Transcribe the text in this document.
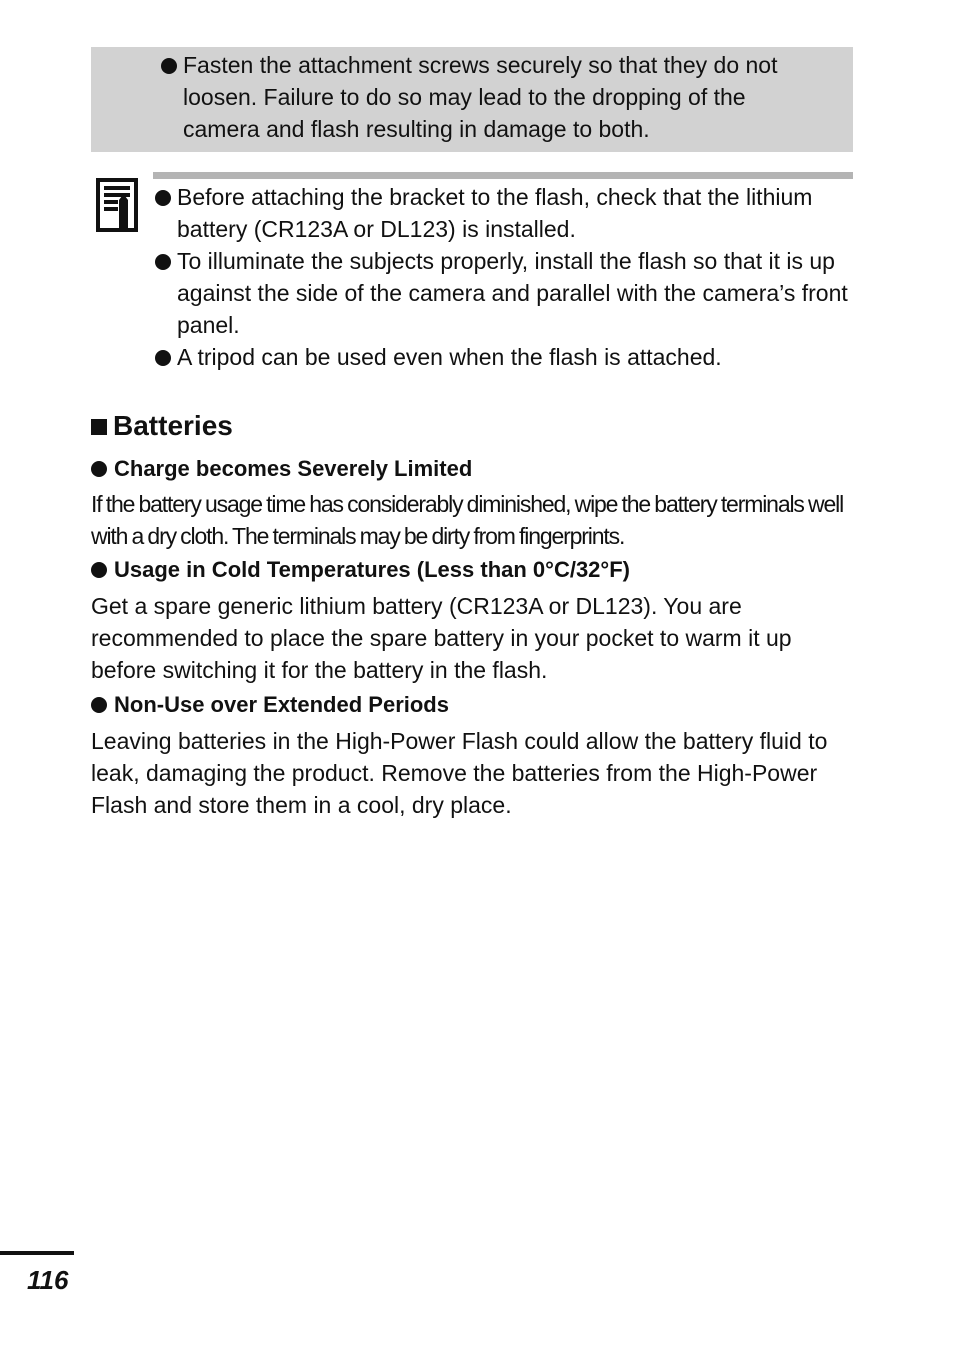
Fasten the attachment screws securely so that they do not loosen. Failure to do so may lead to the dropping of the camera and flash resulting in damage to both.
Before attaching the bracket to the flash, check that the lithium battery (CR123A or DL123) is installed.
To illuminate the subjects properly, install the flash so that it is up against the side of the camera and parallel with the camera’s front panel.
A tripod can be used even when the flash is attached.
Batteries
Charge becomes Severely Limited
If the battery usage time has considerably diminished, wipe the battery terminals well with a dry cloth. The terminals may be dirty from fingerprints.
Usage in Cold Temperatures (Less than 0°C/32°F)
Get a spare generic lithium battery (CR123A or DL123). You are recommended to place the spare battery in your pocket to warm it up before switching it for the battery in the flash.
Non-Use over Extended Periods
Leaving batteries in the High-Power Flash could allow the battery fluid to leak, damaging the product. Remove the batteries from the High-Power Flash and store them in a cool, dry place.
116
